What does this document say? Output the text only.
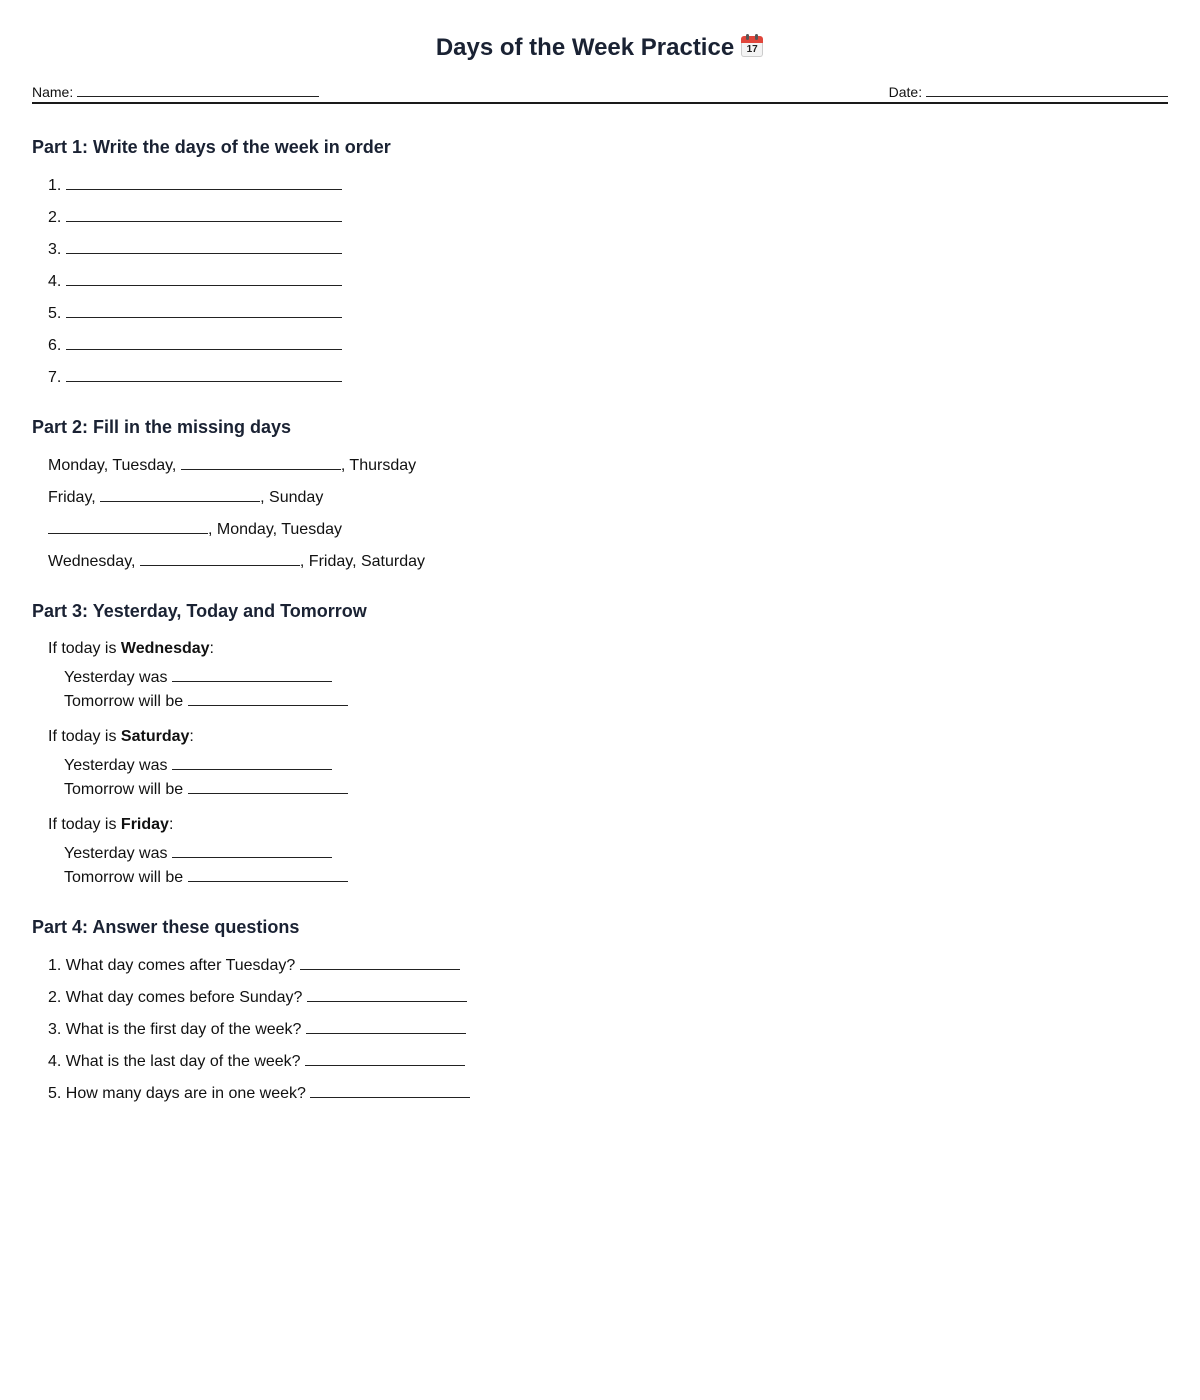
Days of the Week Practice	17
Name:	Date:
Part 1: Write the days of the week in order
1.
2.
3.
4.
5.
6.
7.
Part 2: Fill in the missing days
Monday, Tuesday,	, Thursday
Friday,	, Sunday
, Monday, Tuesday
Wednesday,	, Friday, Saturday
Part 3: Yesterday, Today and Tomorrow
If today is Wednesday:
Yesterday was
Tomorrow will be
If today is Saturday:
Yesterday was
Tomorrow will be
If today is Friday:
Yesterday was
Tomorrow will be
Part 4: Answer these questions
1. What day comes after Tuesday?
2. What day comes before Sunday?
3. What is the first day of the week?
4. What is the last day of the week?
5. How many days are in one week?
